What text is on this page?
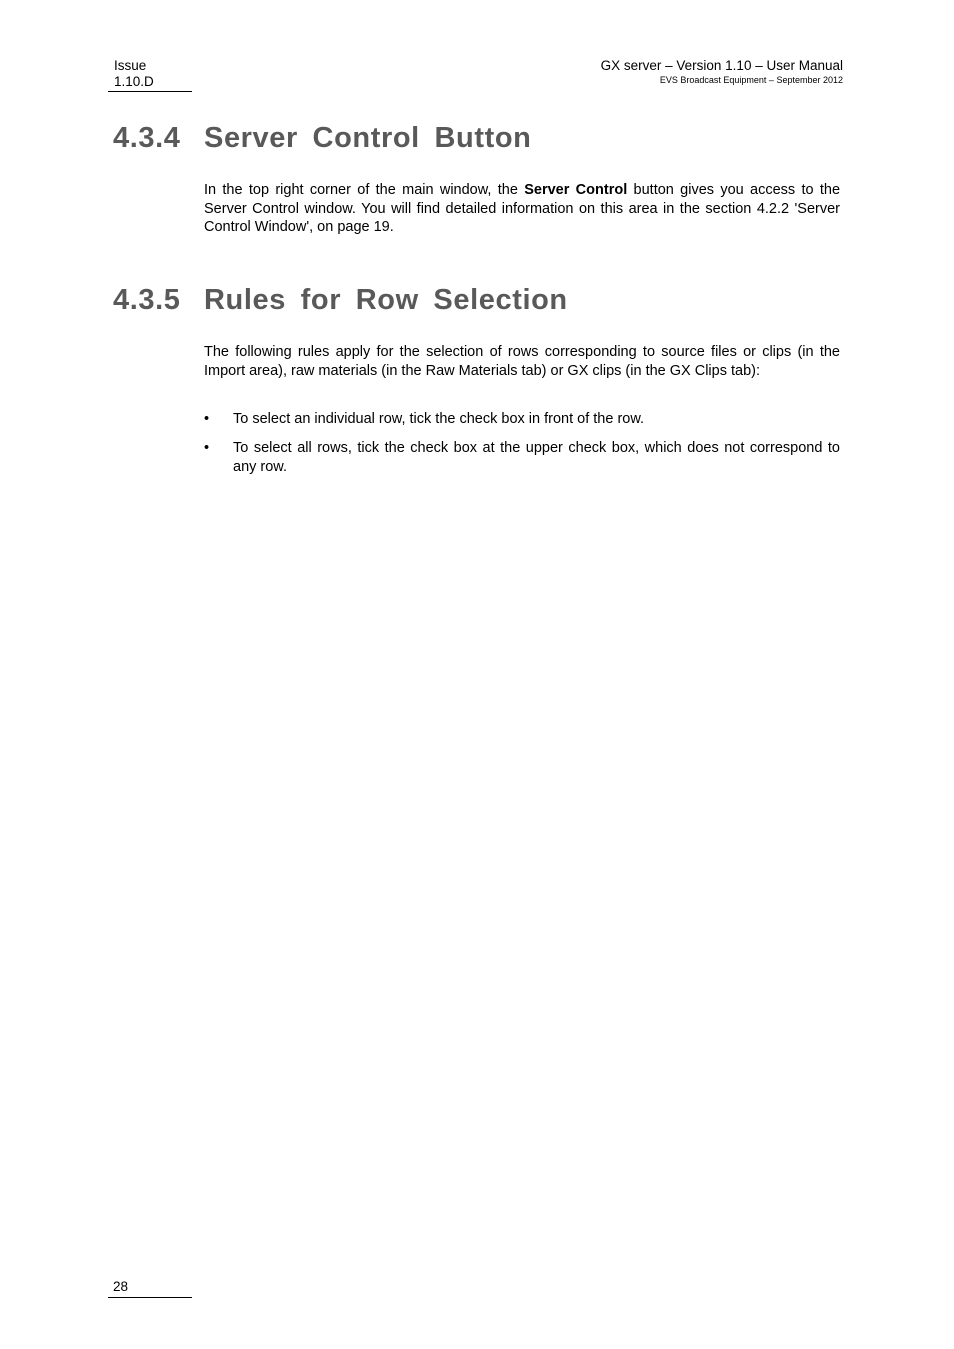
Issue
1.10.D
GX server – Version 1.10 – User Manual
EVS Broadcast Equipment – September 2012
4.3.4 Server Control Button

In the top right corner of the main window, the Server Control button gives you access to the Server Control window. You will find detailed information on this area in the section 4.2.2 'Server Control Window', on page 19.

4.3.5 Rules for Row Selection

The following rules apply for the selection of rows corresponding to source files or clips (in the Import area), raw materials (in the Raw Materials tab) or GX clips (in the GX Clips tab):

• To select an individual row, tick the check box in front of the row.
• To select all rows, tick the check box at the upper check box, which does not correspond to any row.
28
